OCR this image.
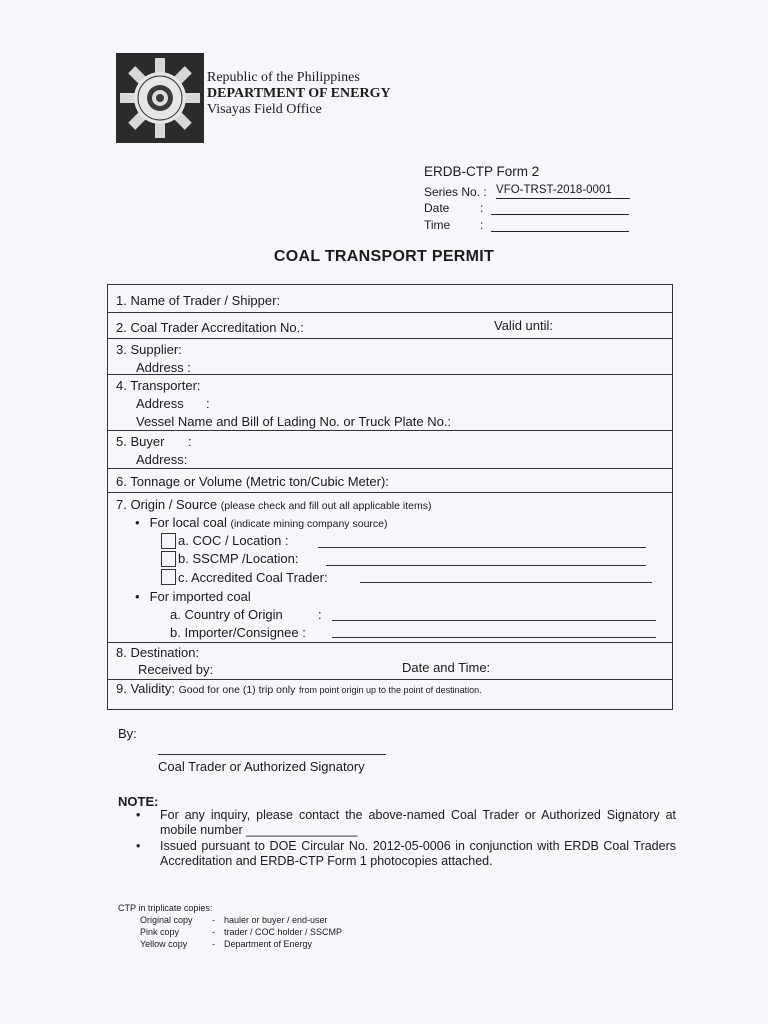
Republic of the Philippines
DEPARTMENT OF ENERGY
Visayas Field Office
ERDB-CTP Form 2
Series No. : VFO-TRST-2018-0001
Date	:
Time :
COAL TRANSPORT PERMIT
1. Name of Trader / Shipper:
2. Coal Trader Accreditation No.:	Valid until:
3. Supplier:
Address :
4. Transporter:
Address :
Vessel Name and Bill of Lading No. or Truck Plate No.:
5. Buyer :
Address:
6. Tonnage or Volume (Metric ton/Cubic Meter):
7. Origin / Source (please check and fill out all applicable items)
• For local coal (indicate mining company source)
a. COC / Location :
b. SSCMP /Location:
c. Accredited Coal Trader:
• For imported coal
a. Country of Origin	:
b. Importer/Consignee :
8. Destination:
Received by:	Date and Time:
9. Validity: Good for one (1) trip only from point origin up to the point of destination.
By:
Coal Trader or Authorized Signatory
NOTE:
• For any inquiry, please contact the above-named Coal Trader or Authorized Signatory at mobile number ________________
• Issued pursuant to DOE Circular No. 2012-05-0006 in conjunction with ERDB Coal Traders Accreditation and ERDB-CTP Form 1 photocopies attached.
CTP in triplicate copies:
Original copy	-	hauler or buyer / end-user
Pink copy	-	trader / COC holder / SSCMP
Yellow copy	-	Department of Energy
